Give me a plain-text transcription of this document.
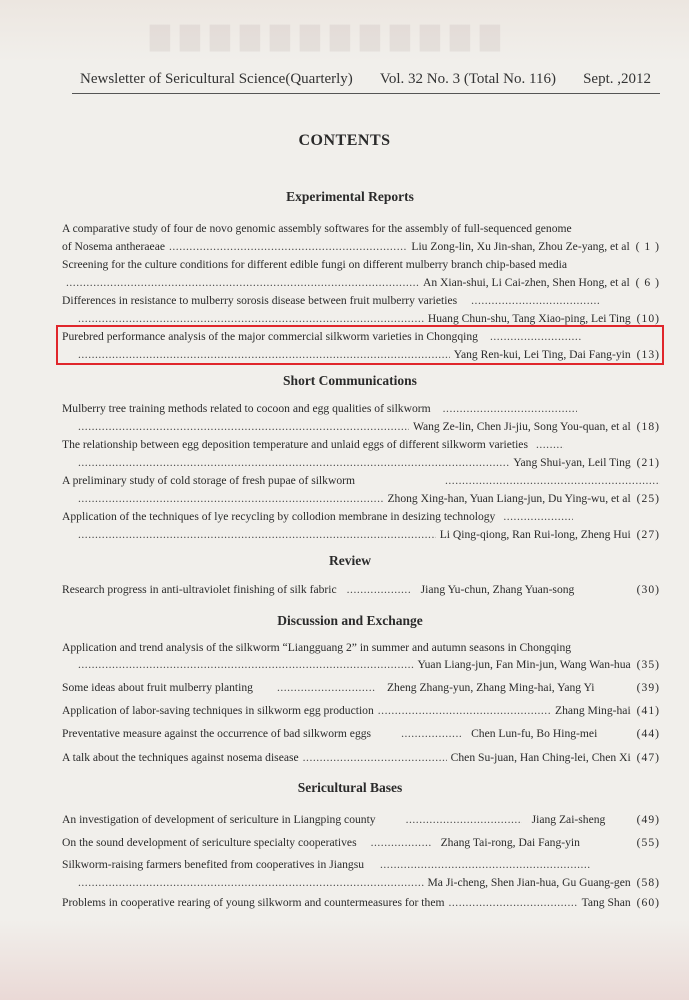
▇▇▇▇▇▇▇▇▇▇▇▇
Newsletter of Sericultural Science(Quarterly) Vol. 32 No. 3 (Total No. 116) Sept. ,2012
CONTENTS
Experimental Reports
A comparative study of four de novo genomic assembly softwares for the assembly of full-sequenced genome
of Nosema antheraeae .....	Liu Zong-lin, Xu Jin-shan, Zhou Ze-yang, et al ( 1 )
Screening for the culture conditions for different edible fungi on different mulberry branch chip-based media
.....
An Xian-shui, Li Cai-zhen, Shen Hong, et al ( 6 )
Differences in resistance to mulberry sorosis disease between fruit mulberry varieties
.....
.....
Huang Chun-shu, Tang Xiao-ping, Lei Ting (10)
Purebred performance analysis of the major commercial silkworm varieties in Chongqing
.....
.....
Yang Ren-kui, Lei Ting, Dai Fang-yin (13)
Short Communications
Mulberry tree training methods related to cocoon and egg qualities of silkworm
.....
.....
Wang Ze-lin, Chen Ji-jiu, Song You-quan, et al (18)
The relationship between egg deposition temperature and unlaid eggs of different silkworm varieties
.....
.....
Yang Shui-yan, Leil Ting (21)
A preliminary study of cold storage of fresh pupae of silkworm
.....
.....
Zhong Xing-han, Yuan Liang-jun, Du Ying-wu, et al (25)
Application of the techniques of lye recycling by collodion membrane in desizing technology
.....
.....
Li Qing-qiong, Ran Rui-long, Zheng Hui (27)
Review
Research progress in anti-ultraviolet finishing of silk fabric .....	Jiang Yu-chun, Zhang Yuan-song	(30)
Discussion and Exchange
Application and trend analysis of the silkworm “Liangguang 2” in summer and autumn seasons in Chongqing
.....
Yuan Liang-jun, Fan Min-jun, Wang Wan-hua (35)
Some ideas about fruit mulberry planting .....	Zheng Zhang-yun, Zhang Ming-hai, Yang Yi	(39)
Application of labor-saving techniques in silkworm egg production .....	Zhang Ming-hai (41)
Preventative measure against the occurrence of bad silkworm eggs .....	Chen Lun-fu, Bo Hing-mei	(44)
A talk about the techniques against nosema disease .....	Chen Su-juan, Han Ching-lei, Chen Xi (47)
Sericultural Bases
An investigation of development of sericulture in Liangping county .....	Jiang Zai-sheng	(49)
On the sound development of sericulture specialty cooperatives .....	Zhang Tai-rong, Dai Fang-yin	(55)
Silkworm-raising farmers benefited from cooperatives in Jiangsu
.....
.....
Ma Ji-cheng, Shen Jian-hua, Gu Guang-gen (58)
Problems in cooperative rearing of young silkworm and countermeasures for them .....	Tang Shan (60)
